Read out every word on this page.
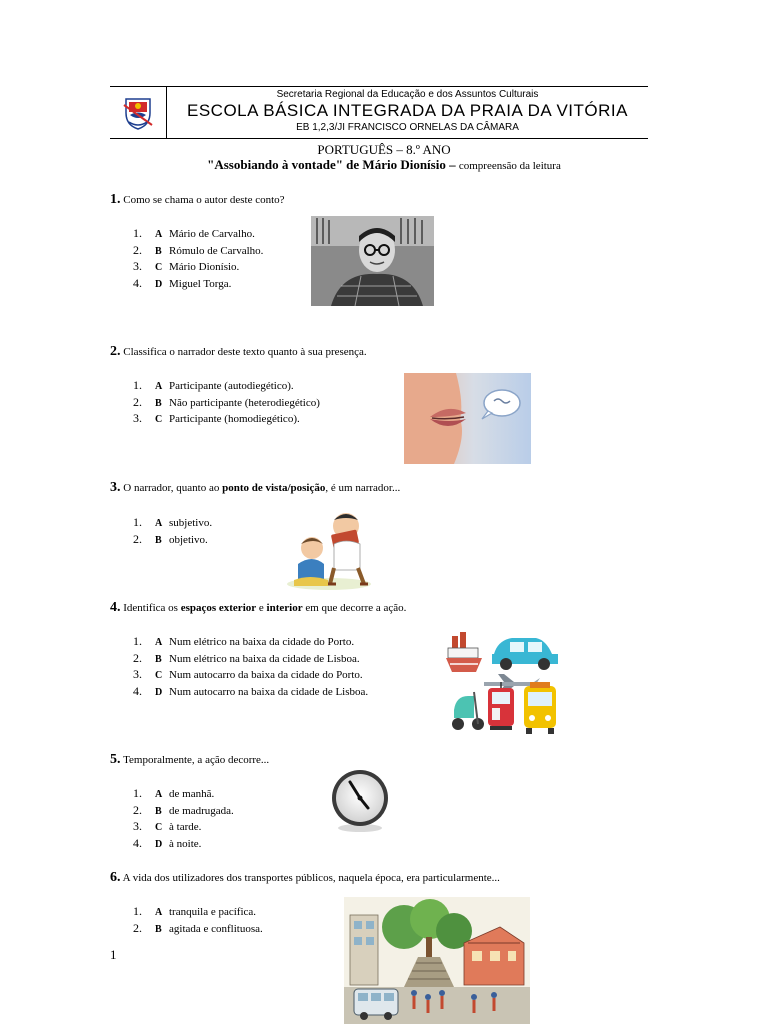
Secretaria Regional da Educação e dos Assuntos Culturais
ESCOLA BÁSICA INTEGRADA DA PRAIA DA VITÓRIA
EB 1,2,3/JI FRANCISCO ORNELAS DA CÂMARA
PORTUGUÊS – 8.º ANO
"Assobiando à vontade" de Mário Dionísio – compreensão da leitura
1. Como se chama o autor deste conto?
1. A Mário de Carvalho.
2. B Rómulo de Carvalho.
3. C Mário Dionísio.
4. D Miguel Torga.
2. Classifica o narrador deste texto quanto à sua presença.
1. A Participante (autodiegético).
2. B Não participante (heterodiegético)
3. C Participante (homodiegético).
3. O narrador, quanto ao ponto de vista/posição, é um narrador...
1. A subjetivo.
2. B objetivo.
4. Identifica os espaços exterior e interior em que decorre a ação.
1. A Num elétrico na baixa da cidade do Porto.
2. B Num elétrico na baixa da cidade de Lisboa.
3. C Num autocarro da baixa da cidade do Porto.
4. D Num autocarro na baixa da cidade de Lisboa.
5. Temporalmente, a ação decorre...
1. A de manhã.
2. B de madrugada.
3. C à tarde.
4. D à noite.
6. A vida dos utilizadores dos transportes públicos, naquela época, era particularmente...
1. A tranquila e pacífica.
2. B agitada e conflituosa.
1
